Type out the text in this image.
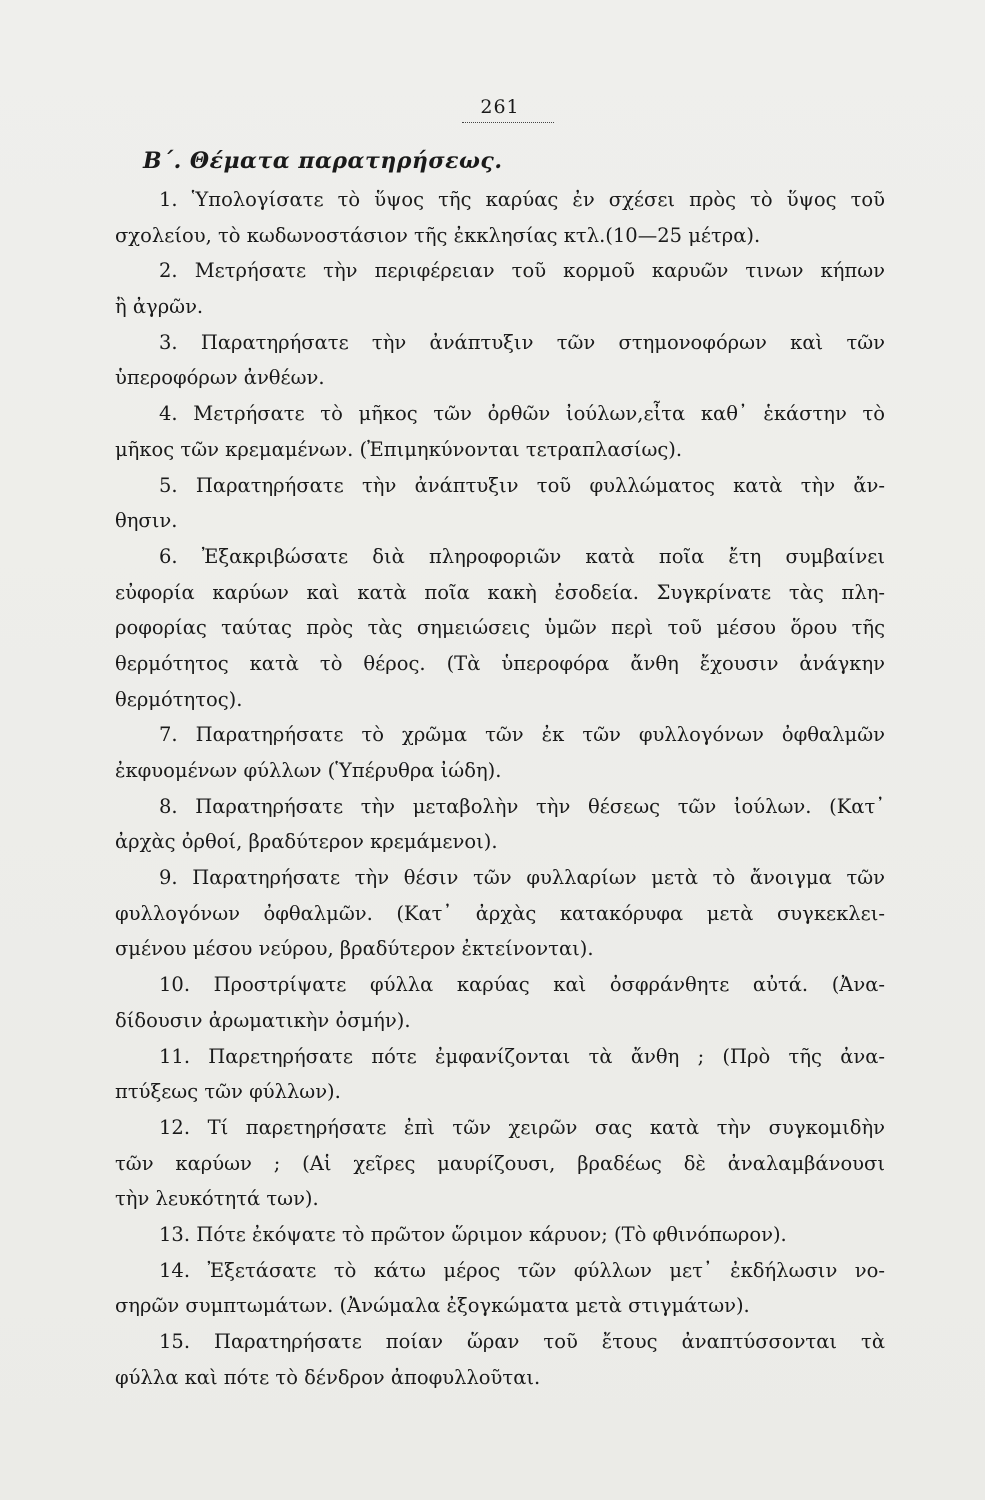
261
Β΄. Θέματα παρατηρήσεως.
1. Ὑπολογίσατε τὸ ὕψος τῆς καρύας ἐν σχέσει πρὸς τὸ ὕψος τοῦ
σχολείου, τὸ κωδωνοστάσιον τῆς ἐκκλησίας κτλ.(10—25 μέτρα).
2. Μετρήσατε τὴν περιφέρειαν τοῦ κορμοῦ καρυῶν τινων κήπων
ἢ ἀγρῶν.
3. Παρατηρήσατε τὴν ἀνάπτυξιν τῶν στημονοφόρων καὶ τῶν
ὑπεροφόρων ἀνθέων.
4. Μετρήσατε τὸ μῆκος τῶν ὀρθῶν ἰούλων,εἶτα καθ᾽ ἑκάστην τὸ
μῆκος τῶν κρεμαμένων. (Ἐπιμηκύνονται τετραπλασίως).
5. Παρατηρήσατε τὴν ἀνάπτυξιν τοῦ φυλλώματος κατὰ τὴν ἄν-
θησιν.
6. Ἐξακριβώσατε διὰ πληροφοριῶν κατὰ ποῖα ἔτη συμβαίνει
εὐφορία καρύων καὶ κατὰ ποῖα κακὴ ἐσοδεία. Συγκρίνατε τὰς πλη-
ροφορίας ταύτας πρὸς τὰς σημειώσεις ὑμῶν περὶ τοῦ μέσου ὅρου τῆς
θερμότητος κατὰ τὸ θέρος. (Τὰ ὑπεροφόρα ἄνθη ἔχουσιν ἀνάγκην
θερμότητος).
7. Παρατηρήσατε τὸ χρῶμα τῶν ἐκ τῶν φυλλογόνων ὀφθαλμῶν
ἐκφυομένων φύλλων (Ὑπέρυθρα ἰώδη).
8. Παρατηρήσατε τὴν μεταβολὴν τὴν θέσεως τῶν ἰούλων. (Κατ᾽
ἀρχὰς ὀρθοί, βραδύτερον κρεμάμενοι).
9. Παρατηρήσατε τὴν θέσιν τῶν φυλλαρίων μετὰ τὸ ἄνοιγμα τῶν
φυλλογόνων ὀφθαλμῶν. (Κατ᾽ ἀρχὰς κατακόρυφα μετὰ συγκεκλει-
σμένου μέσου νεύρου, βραδύτερον ἐκτείνονται).
10. Προστρίψατε φύλλα καρύας καὶ ὀσφράνθητε αὐτά. (Ἀνα-
δίδουσιν ἀρωματικὴν ὀσμήν).
11. Παρετηρήσατε πότε ἐμφανίζονται τὰ ἄνθη ; (Πρὸ τῆς ἀνα-
πτύξεως τῶν φύλλων).
12. Τί παρετηρήσατε ἐπὶ τῶν χειρῶν σας κατὰ τὴν συγκομιδὴν
τῶν καρύων ; (Αἱ χεῖρες μαυρίζουσι, βραδέως δὲ ἀναλαμβάνουσι
τὴν λευκότητά των).
13. Πότε ἐκόψατε τὸ πρῶτον ὥριμον κάρυον; (Τὸ φθινόπωρον).
14. Ἐξετάσατε τὸ κάτω μέρος τῶν φύλλων μετ᾽ ἐκδήλωσιν νο-
σηρῶν συμπτωμάτων. (Ἀνώμαλα ἐξογκώματα μετὰ στιγμάτων).
15. Παρατηρήσατε ποίαν ὥραν τοῦ ἔτους ἀναπτύσσονται τὰ
φύλλα καὶ πότε τὸ δένδρον ἀποφυλλοῦται.
